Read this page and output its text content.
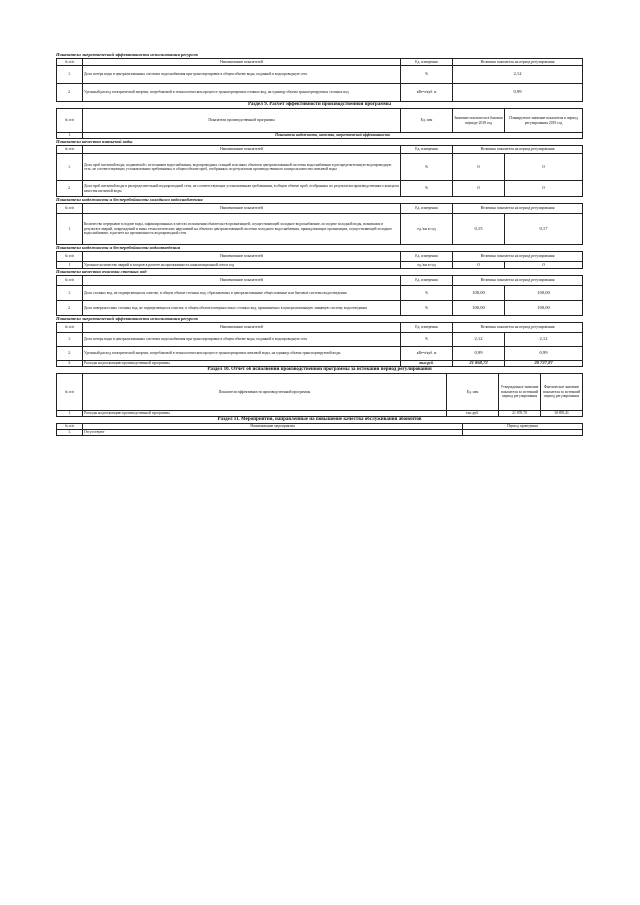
Показатели энергетической эффективности использования ресурсов
№ п/п	Наименование показателей	Ед. измерения	Величина показателя на период регулирования
1.	Доля потерь воды в централизованных системах водоснабжения при транспортировке в общем объеме воды, поданной в водопроводную сеть	%	2,12
2.	Удельный расход электрической энергии, потребляемой в технологическом процессе транспортировки сточных вод, на единицу объема транспортируемых сточных вод	кВт•ч/куб. м	0,99
Раздел 9. Расчет эффективности производственной программы
№ п/п	Показатели производственной программы	Ед. изм	Значение показателя в базовом периоде 2018 год	Планируемое значение показателя в период регулирования 2019 год
1	Показатели надежности, качества, энергетической эффективности			
Показатели качества питьевой воды
№ п/п	Наименование показателей	Ед. измерения	Величина показателя на период регулирования	
1.	Доля проб питьевой воды, подаваемой с источников водоснабжения, водопроводных станций или иных объектов централизованной системы водоснабжения в распределительную водопроводную сеть, не соответствующих установленным требованиям, в общем объеме проб, отобранных по результатам производственного контроля качества питьевой воды	%	0	0
2.	Доля проб питьевой воды в распределительной водопроводной сети, не соответствующих установленным требованиям, в общем объеме проб, отобранных по результатам производственного контроля качества питьевой воды	%	0	0
Показатели надежности и бесперебойности холодного водоснабжения
№ п/п	Наименование показателей	Ед. измерения	Величина показателя на период регулирования	
1	Количество перерывов в подаче воды, зафиксированных в местах исполнения обязательств организацией, осуществляющей холодное водоснабжение, по подаче холодной воды, возникших в результате аварий, повреждений и иных технологических нарушений на объектах централизованной системы холодного водоснабжения, принадлежащих организации, осуществляющей холодное водоснабжение, в расчете на протяженность водопроводной сети	ед./км в год	0,15	0,17
Показатели надежности и бесперебойности водоотведения
№ п/п	Наименование показателей	Ед. измерения	Величина показателя на период регулирования	
1	Удельное количество аварий и засоров в расчете на протяженность канализационной сети в год	ед./км в год	0	0
Показатели качества очистки сточных вод
№ п/п	Наименование показателей	Ед. измерения	Величина показателя на период регулирования	
1.	Доля сточных вод, не подвергающихся очистке, в общем объеме сточных вод, сбрасываемых в централизованные общесплавные или бытовые системы водоотведения	%	100,00	100,00
2.	Доля поверхностных сточных вод, не подвергающихся очистке, в общем объеме поверхностных сточных вод, принимаемых в централизованную ливневую систему водоотведения	%	100,00	100,00
Показатели энергетической эффективности использования ресурсов
№ п/п	Наименование показателей	Ед. измерения	Величина показателя на период регулирования	
1.	Доля потерь воды в централизованных системах водоснабжения при транспортировке в общем объеме воды, поданной в водопроводную сеть	%	2,12	2,12
2.	Удельный расход электрической энергии, потребляемой в технологическом процессе транспортировки питьевой воды, на единицу объема транспортируемой воды	кВт•ч/куб. м	0,99	0,99
3.	Расходы на реализацию производственной программы	тыс.руб.	21 868,72	20 727,87
Раздел 10. Отчет об исполнении производственной программы за истекший период регулирования
№ п/п	Показатели эффективности производственной программы	Ед. изм	Утвержденное значение показателя за истекший период регулирования	Фактическое значение показателя за истекший период регулирования
1	Расходы на реализацию производственной программы	тыс.руб.	21 870,70	18 895,41
Раздел 11. Мероприятия, направленные на повышение качества обслуживания абонентов
№ п/п	Наименование мероприятия	Период проведения
1.	Отсутствуют	
